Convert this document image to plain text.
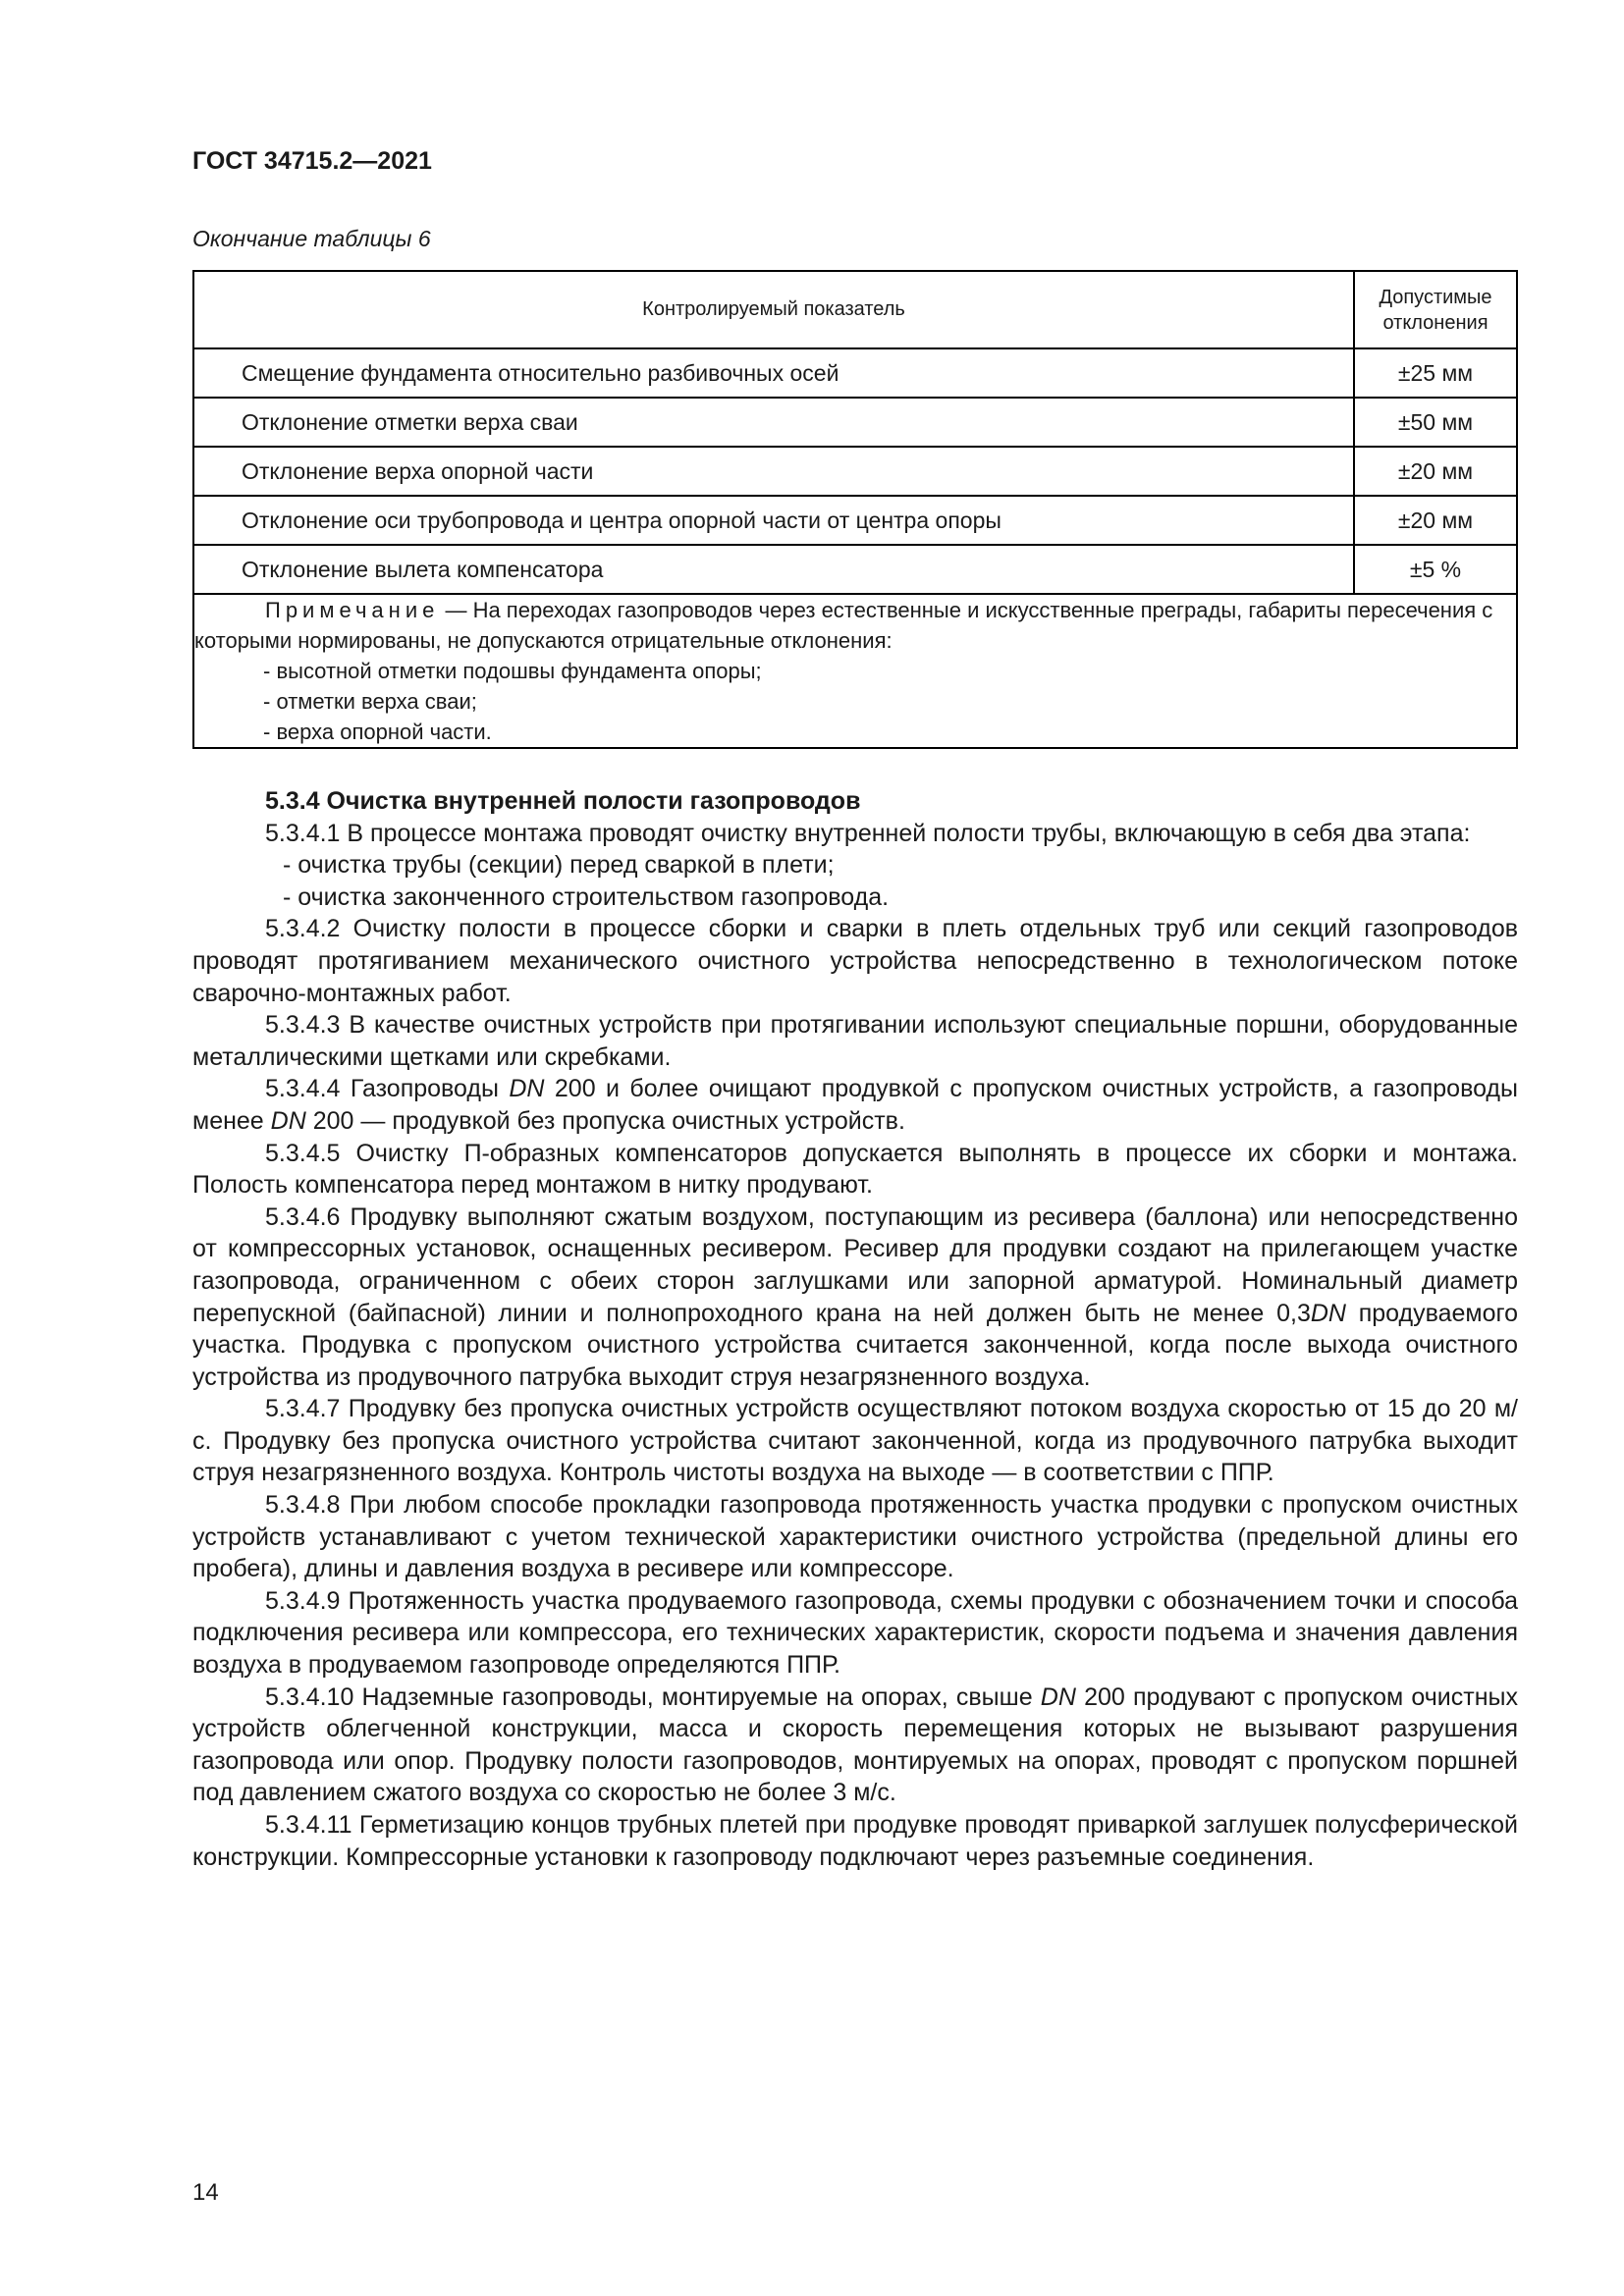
ГОСТ 34715.2—2021
Окончание таблицы 6
Контролируемый показатель	Допустимые
отклонения
Смещение фундамента относительно разбивочных осей	±25 мм
Отклонение отметки верха сваи	±50 мм
Отклонение верха опорной части	±20 мм
Отклонение оси трубопровода и центра опорной части от центра опоры	±20 мм
Отклонение вылета компенсатора	±5 %

Примечание — На переходах газопроводов через естественные и искусственные преграды, габариты пересечения с которыми нормированы, не допускаются отрицательные отклонения:
- высотной отметки подошвы фундамента опоры;
- отметки верха сваи;
- верха опорной части.	

5.3.4 Очистка внутренней полости газопроводов

5.3.4.1 В процессе монтажа проводят очистку внутренней полости трубы, включающую в себя два этапа:

- очистка трубы (секции) перед сваркой в плети;

- очистка законченного строительством газопровода.

5.3.4.2 Очистку полости в процессе сборки и сварки в плеть отдельных труб или секций газопроводов проводят протягиванием механического очистного устройства непосредственно в технологическом потоке сварочно-монтажных работ.

5.3.4.3 В качестве очистных устройств при протягивании используют специальные поршни, оборудованные металлическими щетками или скребками.

5.3.4.4 Газопроводы DN 200 и более очищают продувкой с пропуском очистных устройств, а газопроводы менее DN 200 — продувкой без пропуска очистных устройств.

5.3.4.5 Очистку П-образных компенсаторов допускается выполнять в процессе их сборки и монтажа. Полость компенсатора перед монтажом в нитку продувают.

5.3.4.6 Продувку выполняют сжатым воздухом, поступающим из ресивера (баллона) или непосредственно от компрессорных установок, оснащенных ресивером. Ресивер для продувки создают на прилегающем участке газопровода, ограниченном с обеих сторон заглушками или запорной арматурой. Номинальный диаметр перепускной (байпасной) линии и полнопроходного крана на ней должен быть не менее 0,3DN продуваемого участка. Продувка с пропуском очистного устройства считается законченной, когда после выхода очистного устройства из продувочного патрубка выходит струя незагрязненного воздуха.

5.3.4.7 Продувку без пропуска очистных устройств осуществляют потоком воздуха скоростью от 15 до 20 м/с. Продувку без пропуска очистного устройства считают законченной, когда из продувочного патрубка выходит струя незагрязненного воздуха. Контроль чистоты воздуха на выходе — в соответствии с ППР.

5.3.4.8 При любом способе прокладки газопровода протяженность участка продувки с пропуском очистных устройств устанавливают с учетом технической характеристики очистного устройства (предельной длины его пробега), длины и давления воздуха в ресивере или компрессоре.

5.3.4.9 Протяженность участка продуваемого газопровода, схемы продувки с обозначением точки и способа подключения ресивера или компрессора, его технических характеристик, скорости подъема и значения давления воздуха в продуваемом газопроводе определяются ППР.

5.3.4.10 Надземные газопроводы, монтируемые на опорах, свыше DN 200 продувают с пропуском очистных устройств облегченной конструкции, масса и скорость перемещения которых не вызывают разрушения газопровода или опор. Продувку полости газопроводов, монтируемых на опорах, проводят с пропуском поршней под давлением сжатого воздуха со скоростью не более 3 м/с.

5.3.4.11 Герметизацию концов трубных плетей при продувке проводят приваркой заглушек полусферической конструкции. Компрессорные установки к газопроводу подключают через разъемные соединения.

14
